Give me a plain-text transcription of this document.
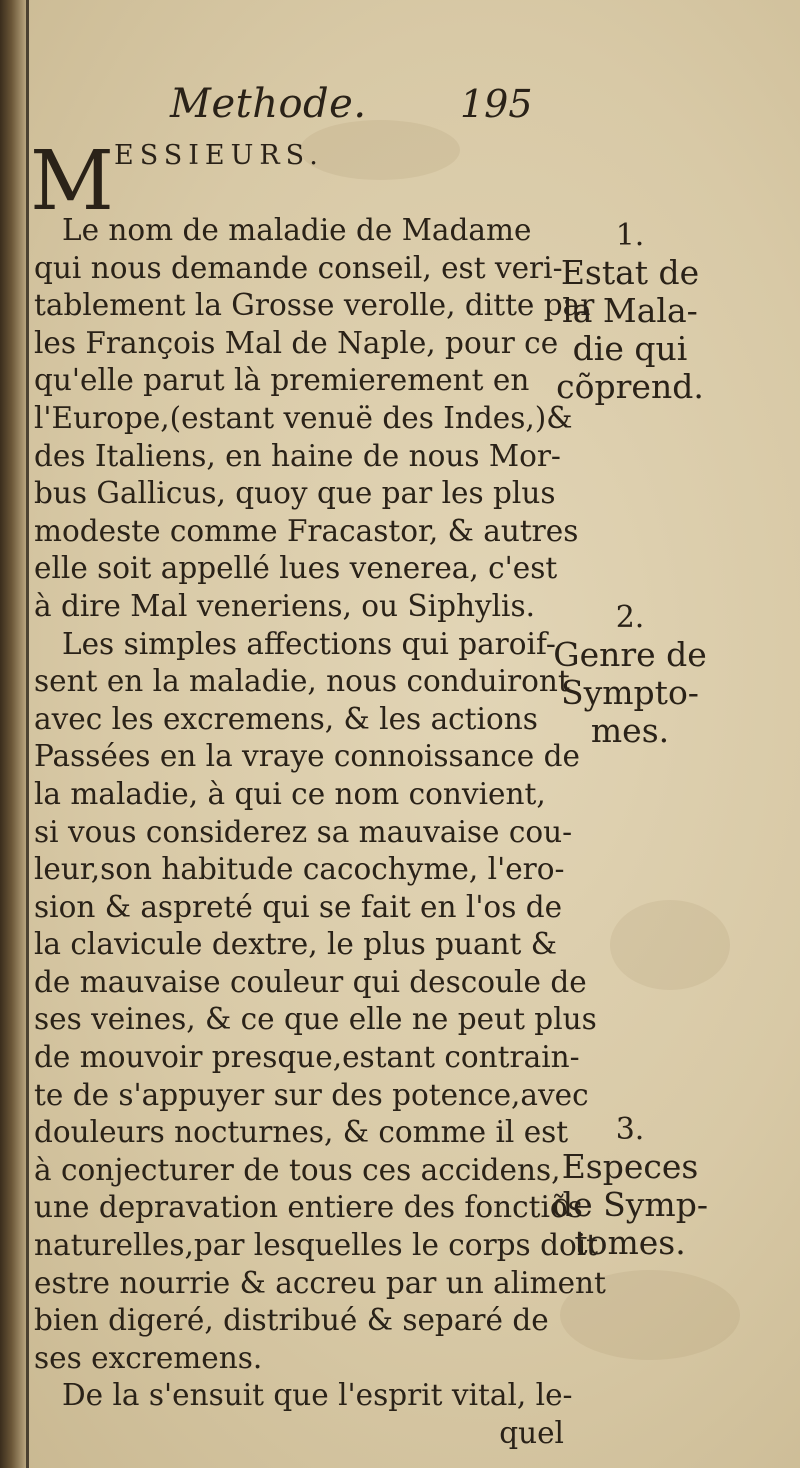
Methode. 195
M ESSIEURS.
Le nom de maladie de Madame
qui nous demande conseil, est veri-
tablement la Grosse verolle, ditte par
les François Mal de Naple, pour ce
qu'elle parut là premierement en
l'Europe,(estant venuë des Indes,)&
des Italiens, en haine de nous Mor-
bus Gallicus, quoy que par les plus
modeste comme Fracastor, & autres
elle soit appellé lues venerea, c'est
à dire Mal veneriens, ou Siphylis.
Les simples affections qui paroif-
sent en la maladie, nous conduiront
avec les excremens, & les actions
Passées en la vraye connoissance de
la maladie, à qui ce nom convient,
si vous considerez sa mauvaise cou-
leur,son habitude cacochyme, l'ero-
sion & aspreté qui se fait en l'os de
la clavicule dextre, le plus puant &
de mauvaise couleur qui descoule de
ses veines, & ce que elle ne peut plus
de mouvoir presque,estant contrain-
te de s'appuyer sur des potence,avec
douleurs nocturnes, & comme il est
à conjecturer de tous ces accidens,
une depravation entiere des fonctiõs
naturelles,par lesquelles le corps doit
estre nourrie & accreu par un aliment
bien digeré, distribué & separé de
ses excremens.
De la s'ensuit que l'esprit vital, le-
quel
1.
Estat de
la Mala-
die qui
cõprend.
2.
Genre de
Sympto-
mes.
3.
Especes
de Symp-
tomes.
